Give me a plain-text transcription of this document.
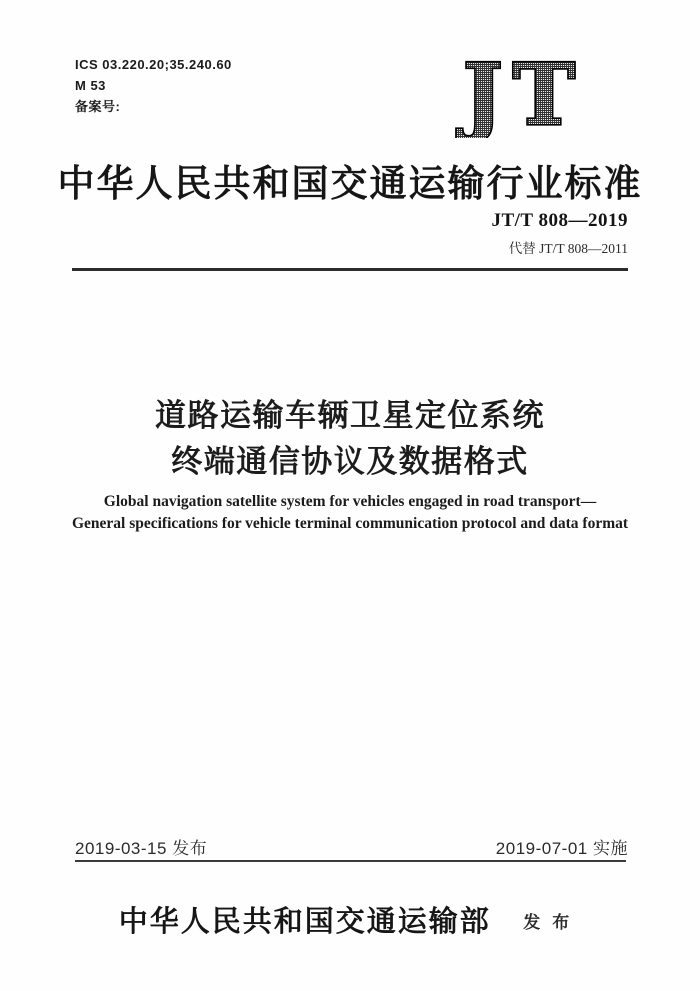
ICS 03.220.20;35.240.60
M 53
备案号:	JT
中华人民共和国交通运输行业标准
JT/T 808—2019
代替 JT/T 808—2011
道路运输车辆卫星定位系统
终端通信协议及数据格式
Global navigation satellite system for vehicles engaged in road transport—
General specifications for vehicle terminal communication protocol and data format
2019-03-15 发布	2019-07-01 实施
中华人民共和国交通运输部 发布
